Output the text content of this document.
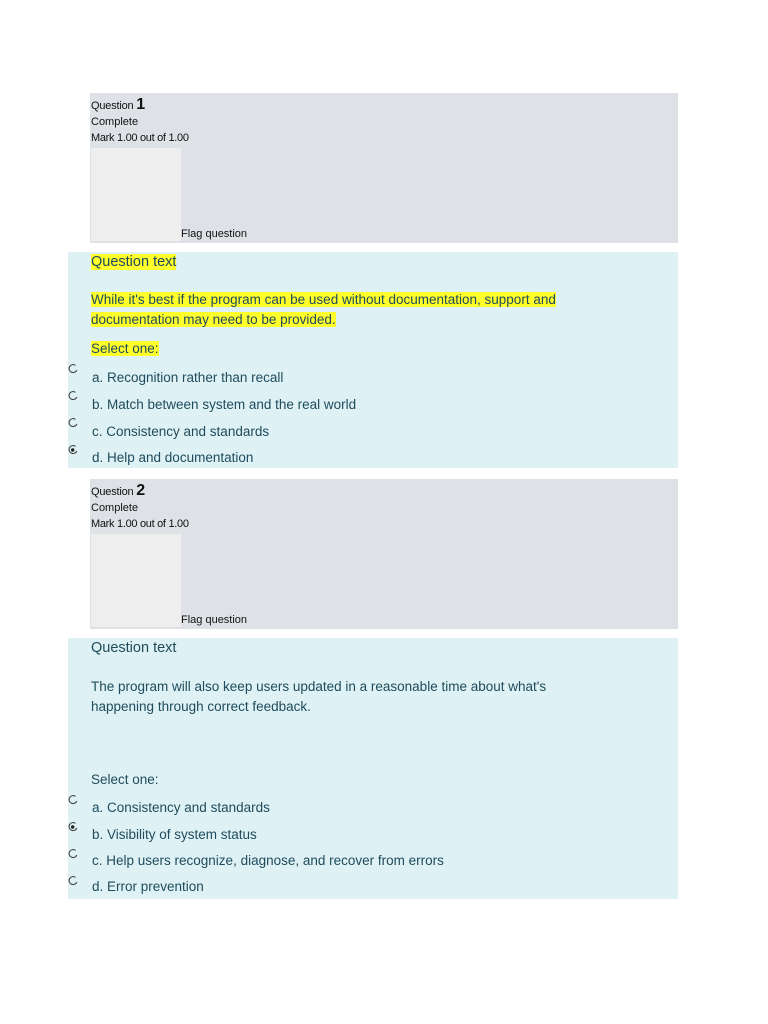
Question 1
Complete
Mark 1.00 out of 1.00
Flag question
Question text
While it's best if the program can be used without documentation, support and documentation may need to be provided.
Select one:
a. Recognition rather than recall
b. Match between system and the real world
c. Consistency and standards
d. Help and documentation
Question 2
Complete
Mark 1.00 out of 1.00
Flag question
Question text
The program will also keep users updated in a reasonable time about what's happening through correct feedback.
Select one:
a. Consistency and standards
b. Visibility of system status
c. Help users recognize, diagnose, and recover from errors
d. Error prevention
